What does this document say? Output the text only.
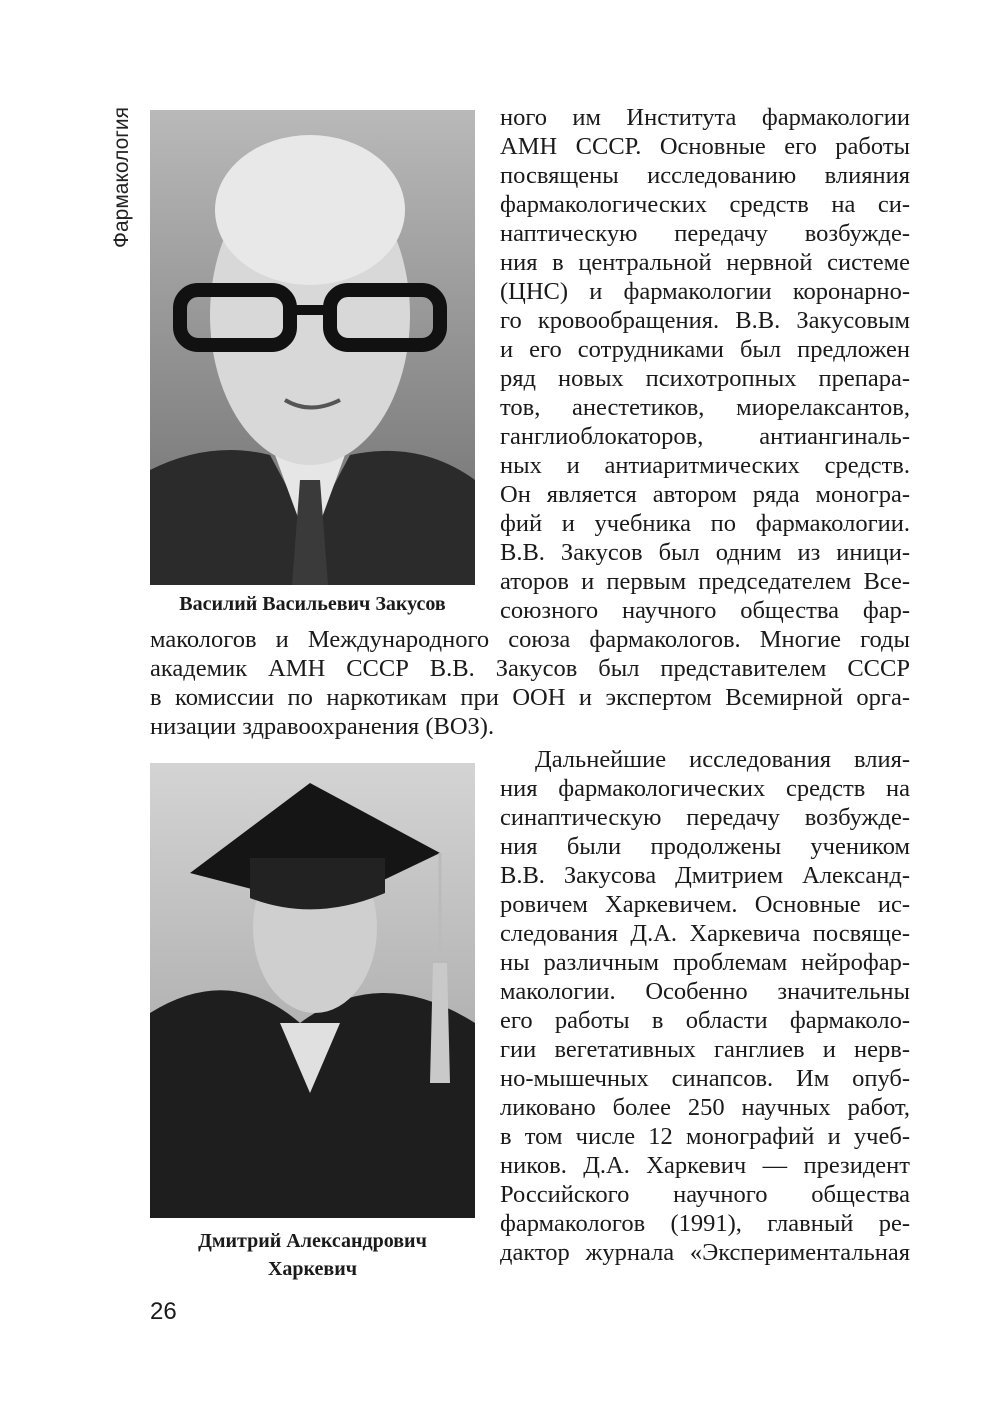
Фармакология
Василий Васильевич Закусов
Дмитрий Александрович
Харкевич
ного им Института фармакологии
АМН СССР. Основные его работы
посвящены исследованию влияния
фармакологических средств на си-
наптическую передачу возбужде-
ния в центральной нервной системе
(ЦНС) и фармакологии коронарно-
го кровообращения. В.В. Закусовым
и его сотрудниками был предложен
ряд новых психотропных препара-
тов, анестетиков, миорелаксантов,
ганглиоблокаторов, антиангиналь-
ных и антиаритмических средств.
Он является автором ряда моногра-
фий и учебника по фармакологии.
В.В. Закусов был одним из иници-
аторов и первым председателем Все-
союзного научного общества фар-
макологов и Международного союза фармакологов. Многие годы
академик АМН СССР В.В. Закусов был представителем СССР
в комиссии по наркотикам при ООН и экспертом Всемирной орга-
низации здравоохранения (ВОЗ).
Дальнейшие исследования влия-
ния фармакологических средств на
синаптическую передачу возбужде-
ния были продолжены учеником
В.В. Закусова Дмитрием Александ-
ровичем Харкевичем. Основные ис-
следования Д.А. Харкевича посвяще-
ны различным проблемам нейрофар-
макологии. Особенно значительны
его работы в области фармаколо-
гии вегетативных ганглиев и нерв-
но-мышечных синапсов. Им опуб-
ликовано более 250 научных работ,
в том числе 12 монографий и учеб-
ников. Д.А. Харкевич — президент
Российского научного общества
фармакологов (1991), главный ре-
дактор журнала «Экспериментальная
26
